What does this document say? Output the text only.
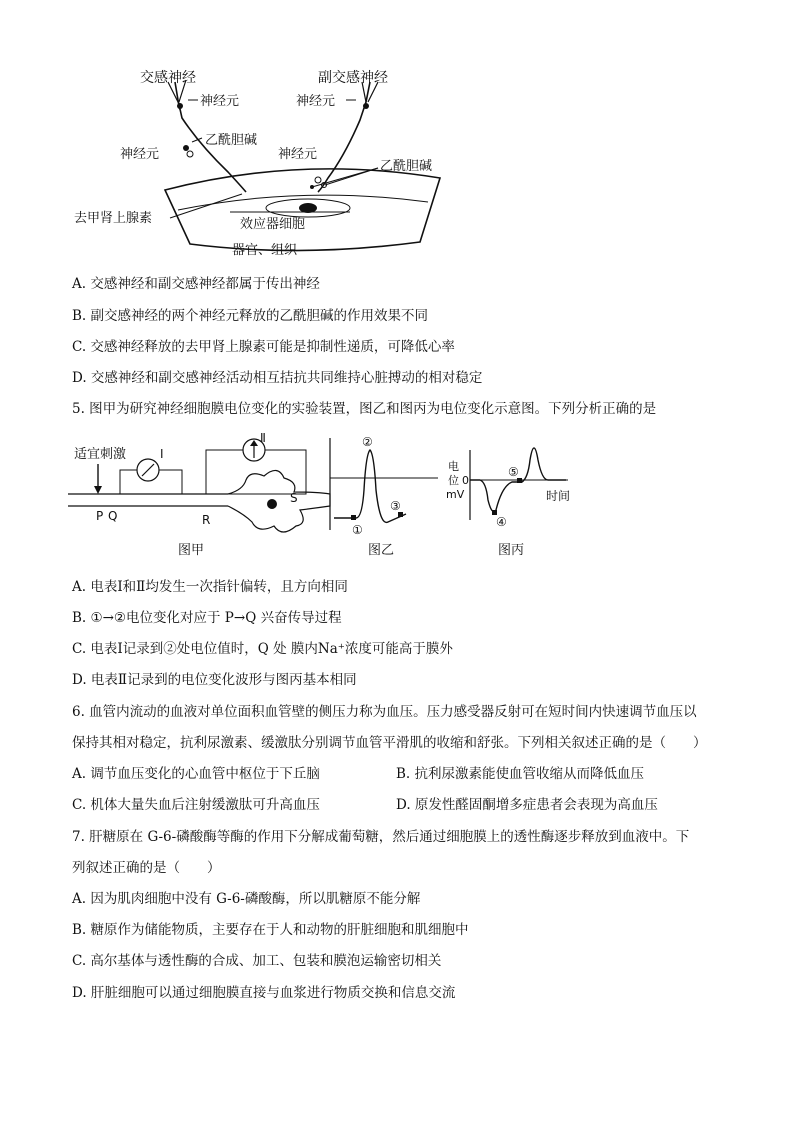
交感神经	副交感神经
神经元	神经元
乙酰胆碱
神经元	神经元
乙酰胆碱
去甲肾上腺素	效应器细胞
器官、组织
A. 交感神经和副交感神经都属于传出神经
B. 副交感神经的两个神经元释放的乙酰胆碱的作用效果不同
C. 交感神经释放的去甲肾上腺素可能是抑制性递质，可降低心率
D. 交感神经和副交感神经活动相互拮抗共同维持心脏搏动的相对稳定
5. 图甲为研究神经细胞膜电位变化的实验装置，图乙和图丙为电位变化示意图。下列分析正确的是
适宜刺激	Ⅰ
P Q	R
Ⅱ
S
图甲
②
①
③
图乙
电
位
mV
0
④
⑤
时间
图丙
A. 电表Ⅰ和Ⅱ均发生一次指针偏转，且方向相同
B. ①→②电位变化对应于 P→Q 兴奋传导过程
C. 电表Ⅰ记录到②处电位值时，Q 处 膜内Na⁺浓度可能高于膜外
D. 电表Ⅱ记录到的电位变化波形与图丙基本相同
6. 血管内流动的血液对单位面积血管壁的侧压力称为血压。压力感受器反射可在短时间内快速调节血压以
保持其相对稳定，抗利尿激素、缓激肽分别调节血管平滑肌的收缩和舒张。下列相关叙述正确的是（　　）
A. 调节血压变化的心血管中枢位于下丘脑	B. 抗利尿激素能使血管收缩从而降低血压
C. 机体大量失血后注射缓激肽可升高血压	D. 原发性醛固酮增多症患者会表现为高血压
7. 肝糖原在 G-6-磷酸酶等酶的作用下分解成葡萄糖，然后通过细胞膜上的透性酶逐步释放到血液中。下
列叙述正确的是（　　）
A. 因为肌肉细胞中没有 G-6-磷酸酶，所以肌糖原不能分解
B. 糖原作为储能物质，主要存在于人和动物的肝脏细胞和肌细胞中
C. 高尔基体与透性酶的合成、加工、包装和膜泡运输密切相关
D. 肝脏细胞可以通过细胞膜直接与血浆进行物质交换和信息交流
